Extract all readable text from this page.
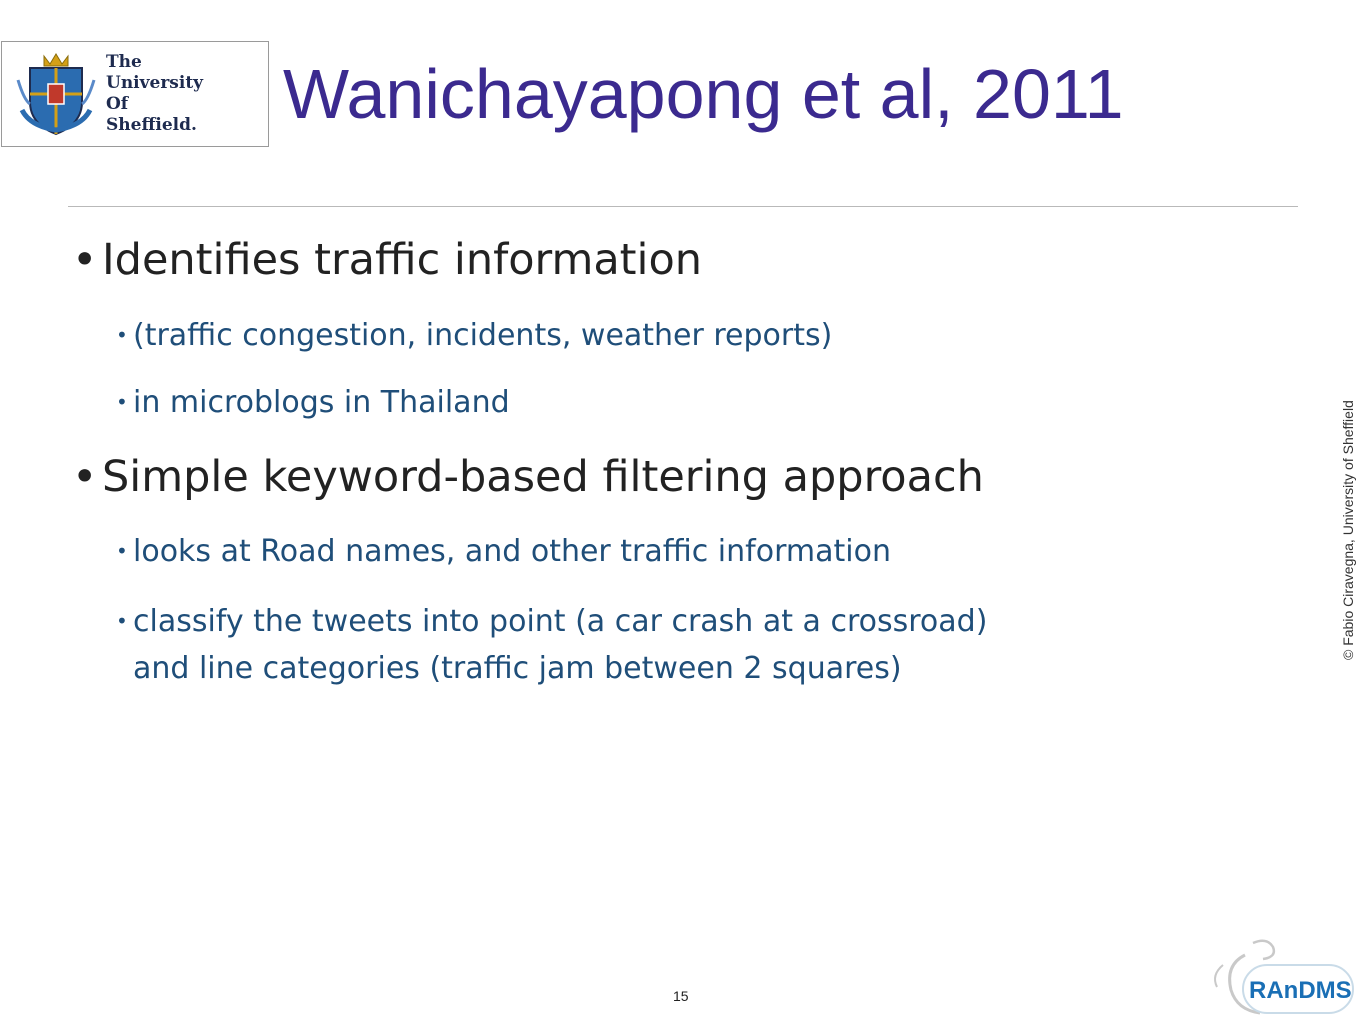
The
University
Of
Sheffield. Wanichayapong et al, 2011
• Identifies traffic information
• (traffic congestion, incidents, weather reports)
• in microblogs in Thailand
• Simple keyword-based filtering approach
• looks at Road names, and other traffic information
• classify the tweets into point (a car crash at a crossroad)
and line categories (traffic jam between 2 squares)
© Fabio Ciravegna, University of Sheffield
15	RAnDMS
